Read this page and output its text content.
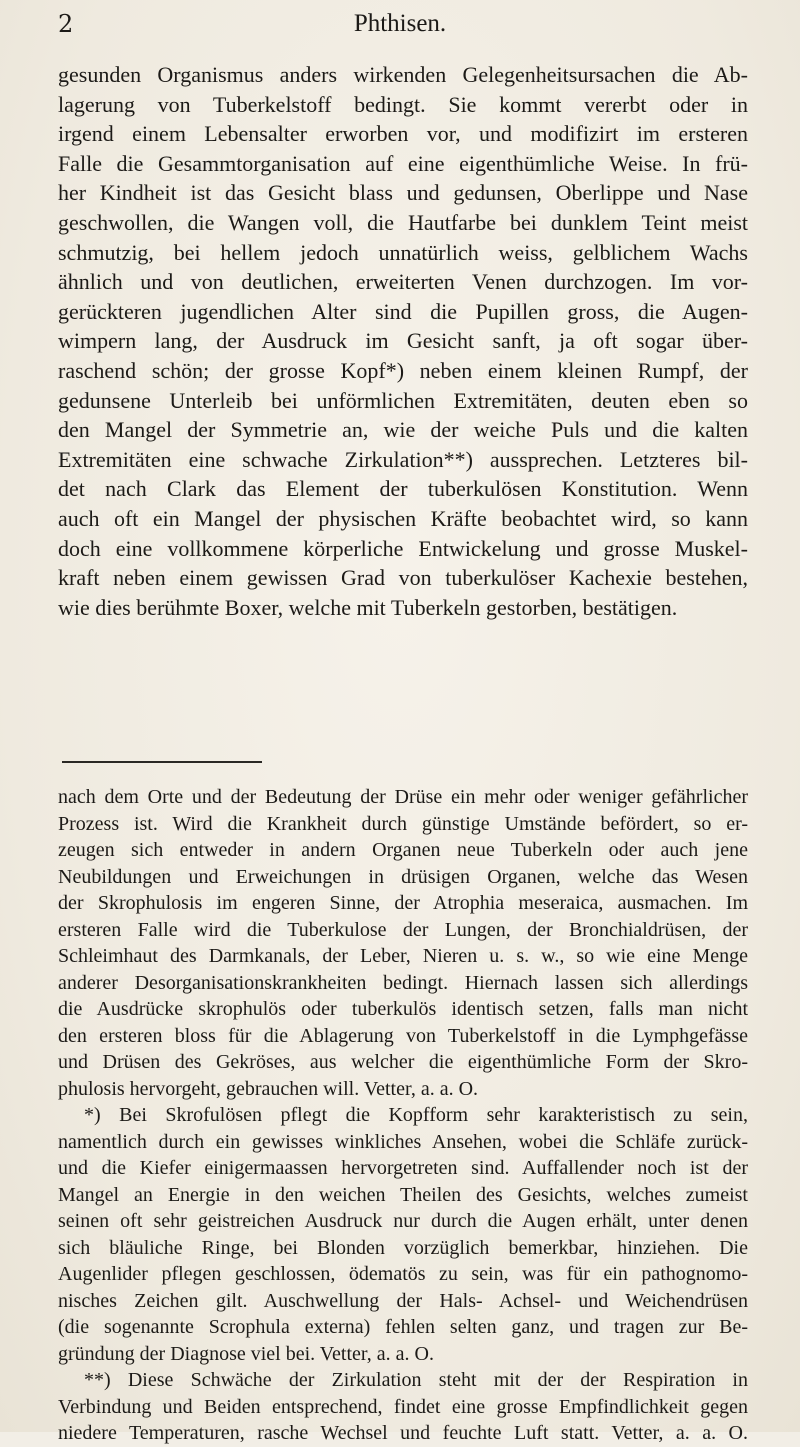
2	Phthisen.
gesunden Organismus anders wirkenden Gelegenheitsursachen die Ab-
lagerung von Tuberkelstoff bedingt. Sie kommt vererbt oder in
irgend einem Lebensalter erworben vor, und modifizirt im ersteren
Falle die Gesammtorganisation auf eine eigenthümliche Weise. In frü-
her Kindheit ist das Gesicht blass und gedunsen, Oberlippe und Nase
geschwollen, die Wangen voll, die Hautfarbe bei dunklem Teint meist
schmutzig, bei hellem jedoch unnatürlich weiss, gelblichem Wachs
ähnlich und von deutlichen, erweiterten Venen durchzogen. Im vor-
gerückteren jugendlichen Alter sind die Pupillen gross, die Augen-
wimpern lang, der Ausdruck im Gesicht sanft, ja oft sogar über-
raschend schön; der grosse Kopf*) neben einem kleinen Rumpf, der
gedunsene Unterleib bei unförmlichen Extremitäten, deuten eben so
den Mangel der Symmetrie an, wie der weiche Puls und die kalten
Extremitäten eine schwache Zirkulation**) aussprechen. Letzteres bil-
det nach Clark das Element der tuberkulösen Konstitution. Wenn
auch oft ein Mangel der physischen Kräfte beobachtet wird, so kann
doch eine vollkommene körperliche Entwickelung und grosse Muskel-
kraft neben einem gewissen Grad von tuberkulöser Kachexie bestehen,
wie dies berühmte Boxer, welche mit Tuberkeln gestorben, bestätigen.
nach dem Orte und der Bedeutung der Drüse ein mehr oder weniger gefährlicher
Prozess ist. Wird die Krankheit durch günstige Umstände befördert, so er-
zeugen sich entweder in andern Organen neue Tuberkeln oder auch jene
Neubildungen und Erweichungen in drüsigen Organen, welche das Wesen
der Skrophulosis im engeren Sinne, der Atrophia meseraica, ausmachen. Im
ersteren Falle wird die Tuberkulose der Lungen, der Bronchialdrüsen, der
Schleimhaut des Darmkanals, der Leber, Nieren u. s. w., so wie eine Menge
anderer Desorganisationskrankheiten bedingt. Hiernach lassen sich allerdings
die Ausdrücke skrophulös oder tuberkulös identisch setzen, falls man nicht
den ersteren bloss für die Ablagerung von Tuberkelstoff in die Lymphgefässe
und Drüsen des Gekröses, aus welcher die eigenthümliche Form der Skro-
phulosis hervorgeht, gebrauchen will. Vetter, a. a. O.
*) Bei Skrofulösen pflegt die Kopfform sehr karakteristisch zu sein,
namentlich durch ein gewisses winkliches Ansehen, wobei die Schläfe zurück-
und die Kiefer einigermaassen hervorgetreten sind. Auffallender noch ist der
Mangel an Energie in den weichen Theilen des Gesichts, welches zumeist
seinen oft sehr geistreichen Ausdruck nur durch die Augen erhält, unter denen
sich bläuliche Ringe, bei Blonden vorzüglich bemerkbar, hinziehen. Die
Augenlider pflegen geschlossen, ödematös zu sein, was für ein pathognomo-
nisches Zeichen gilt. Auschwellung der Hals- Achsel- und Weichendrüsen
(die sogenannte Scrophula externa) fehlen selten ganz, und tragen zur Be-
gründung der Diagnose viel bei. Vetter, a. a. O.
**) Diese Schwäche der Zirkulation steht mit der der Respiration in
Verbindung und Beiden entsprechend, findet eine grosse Empfindlichkeit gegen
niedere Temperaturen, rasche Wechsel und feuchte Luft statt. Vetter, a. a. O.
